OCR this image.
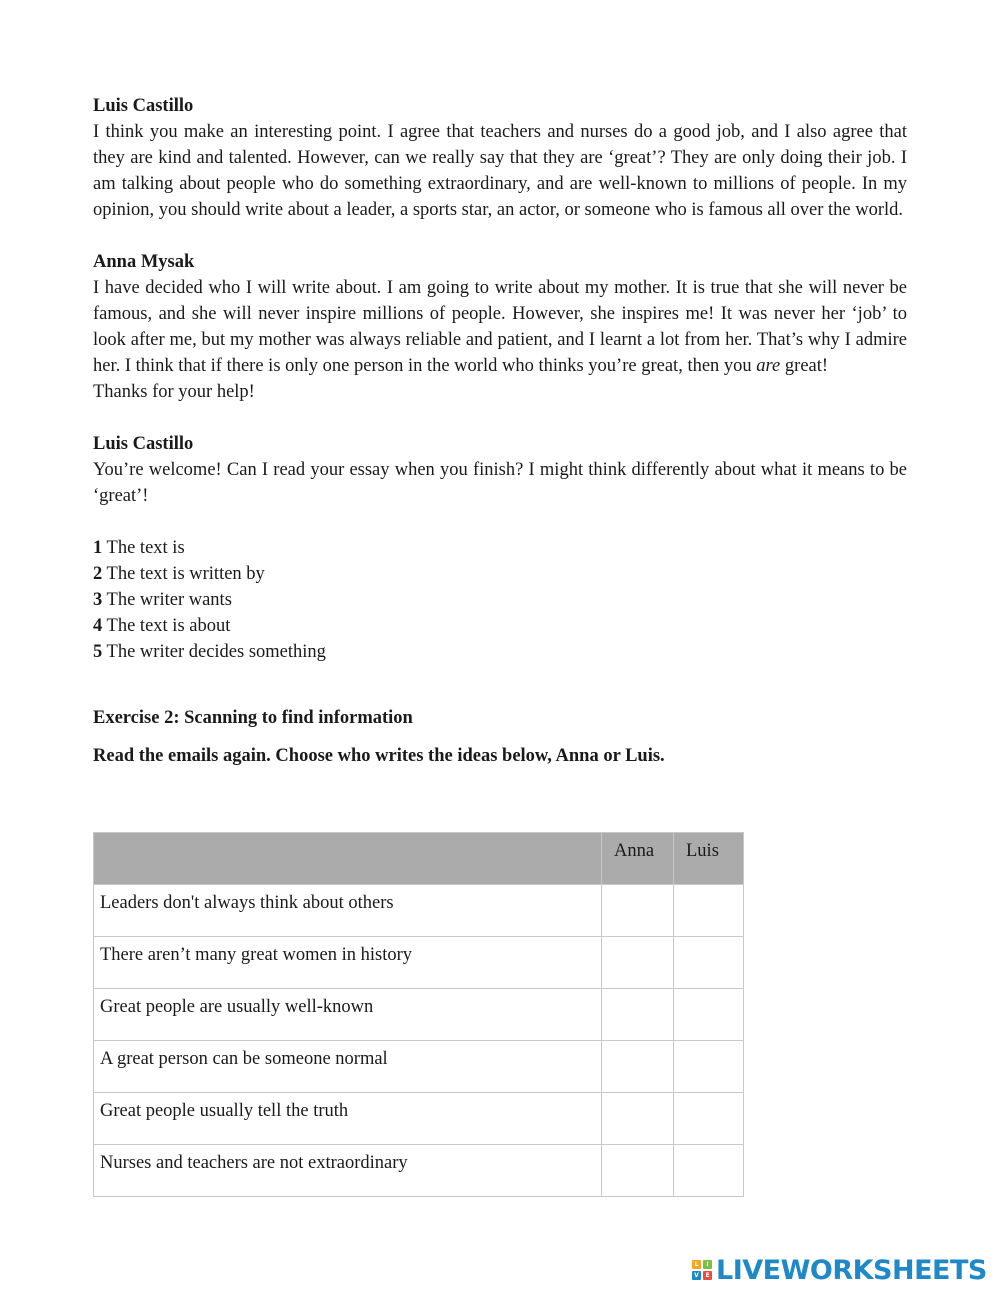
Luis Castillo
I think you make an interesting point. I agree that teachers and nurses do a good job, and I also agree that they are kind and talented. However, can we really say that they are ‘great’? They are only doing their job. I am talking about people who do something extraordinary, and are well-known to millions of people. In my opinion, you should write about a leader, a sports star, an actor, or someone who is famous all over the world.
Anna Mysak
I have decided who I will write about. I am going to write about my mother. It is true that she will never be famous, and she will never inspire millions of people. However, she inspires me! It was never her ‘job’ to look after me, but my mother was always reliable and patient, and I learnt a lot from her. That’s why I admire her. I think that if there is only one person in the world who thinks you’re great, then you are great!
Thanks for your help!
Luis Castillo
You’re welcome! Can I read your essay when you finish? I might think differently about what it means to be ‘great’!
1 The text is
2 The text is written by
3 The writer wants
4 The text is about
5 The writer decides something
Exercise 2: Scanning to find information
Read the emails again. Choose who writes the ideas below, Anna or Luis.
	Anna	Luis
Leaders don't always think about others		
There aren’t many great women in history		
Great people are usually well-known		
A great person can be someone normal		
Great people usually tell the truth		
Nurses and teachers are not extraordinary		
L	I
V	E LIVEWORKSHEETS
